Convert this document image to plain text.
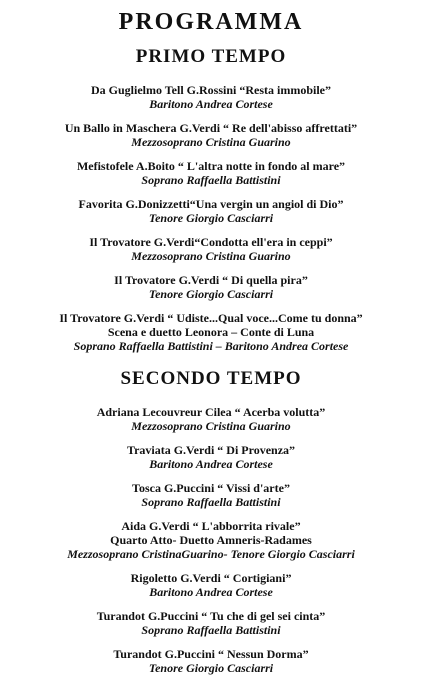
PROGRAMMA
PRIMO TEMPO
Da Guglielmo Tell G.Rossini “Resta immobile”
Baritono Andrea Cortese
Un Ballo in Maschera G.Verdi “ Re dell'abisso affrettati”
Mezzosoprano Cristina Guarino
Mefistofele A.Boito “ L'altra notte in fondo al mare”
Soprano Raffaella Battistini
Favorita G.Donizzetti“Una vergin un angiol di Dio”
Tenore Giorgio Casciarri
Il Trovatore G.Verdi“Condotta ell'era in ceppi”
Mezzosoprano Cristina Guarino
Il Trovatore G.Verdi “ Di quella pira”
Tenore Giorgio Casciarri
Il Trovatore G.Verdi “ Udiste...Qual voce...Come tu donna”
Scena e duetto Leonora – Conte di Luna
Soprano Raffaella Battistini – Baritono Andrea Cortese
SECONDO TEMPO
Adriana Lecouvreur Cilea “ Acerba volutta”
Mezzosoprano Cristina Guarino
Traviata G.Verdi “ Di Provenza”
Baritono Andrea Cortese
Tosca G.Puccini “ Vissi d'arte”
Soprano Raffaella Battistini
Aida G.Verdi “ L'abborrita rivale”
Quarto Atto- Duetto Amneris-Radames
Mezzosoprano CristinaGuarino- Tenore Giorgio Casciarri
Rigoletto G.Verdi “ Cortigiani”
Baritono Andrea Cortese
Turandot G.Puccini “ Tu che di gel sei cinta”
Soprano Raffaella Battistini
Turandot G.Puccini “ Nessun Dorma”
Tenore Giorgio Casciarri
